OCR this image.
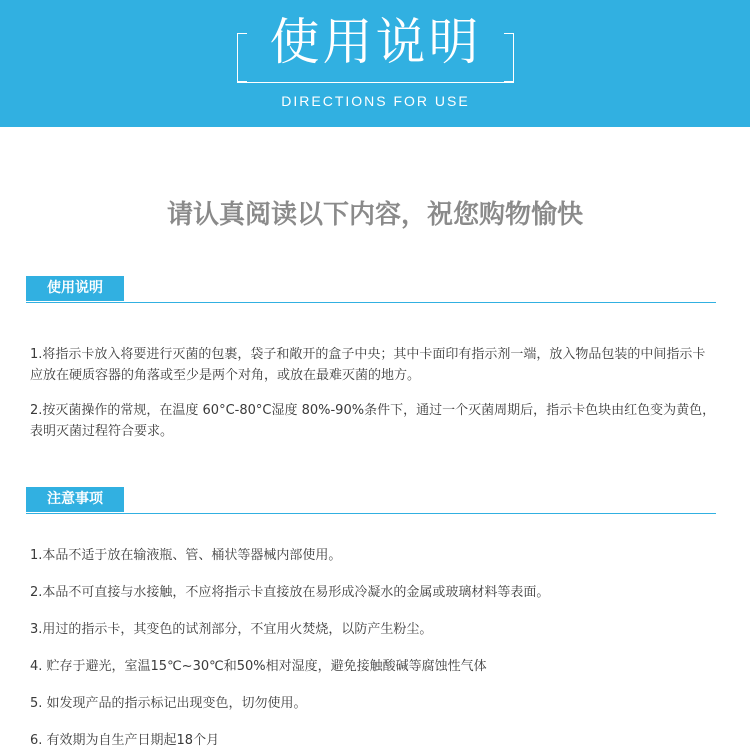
使用说明
DIRECTIONS FOR USE
请认真阅读以下内容，祝您购物愉快
使用说明
1.将指示卡放入将要进行灭菌的包裹，袋子和敞开的盒子中央；其中卡面印有指示剂一端，放入物品包装的中间指示卡应放在硬质容器的角落或至少是两个对角，或放在最难灭菌的地方。
2.按灭菌操作的常规，在温度 60°C-80°C湿度 80%-90%条件下，通过一个灭菌周期后，指示卡色块由红色变为黄色，表明灭菌过程符合要求。
注意事项
1.本品不适于放在输液瓶、管、桶状等器械内部使用。
2.本品不可直接与水接触，不应将指示卡直接放在易形成冷凝水的金属或玻璃材料等表面。
3.用过的指示卡，其变色的试剂部分，不宜用火焚烧，以防产生粉尘。
4. 贮存于避光，室温15℃~30℃和50%相对湿度，避免接触酸碱等腐蚀性气体
5. 如发现产品的指示标记出现变色，切勿使用。
6. 有效期为自生产日期起18个月
